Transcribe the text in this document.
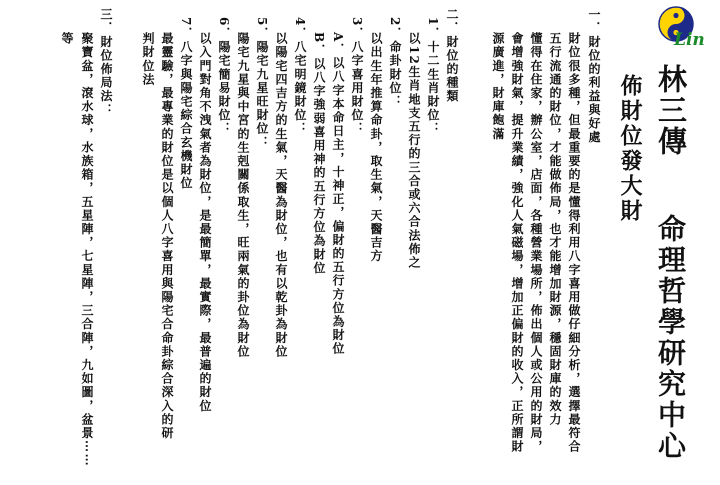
Lin
林三傳
命理哲學研究中心
佈財位發大財
一．財位的利益與好處
財位很多種，但最重要的是懂得利用八字喜用做仔細分析，選擇最符合
五行流通的財位，才能做佈局，也才能增加財源，穩固財庫的效力
懂得在住家，辦公室，店面，各種營業場所，佈出個人或公用的財局，
會增強財氣，提升業績，強化人氣磁場，增加正偏財的收入，正所謂財
源廣進，財庫飽滿
二．財位的種類
1．十二生肖財位：
以12生肖地支五行的三合或六合法佈之
2．命卦財位：
以出生年推算命卦，取生氣，天醫吉方
3．八字喜用財位：
A．以八字本命日主，十神正，偏財的五行方位為財位
B．以八字強弱喜用神的五行方位為財位
4．八宅明鏡財位：
以陽宅四吉方的生氣，天醫為財位，也有以乾卦為財位
5．陽宅九星旺財位：
陽宅九星與中宮的生剋關係取生，旺兩氣的卦位為財位
6．陽宅簡易財位：
以入門對角不洩氣者為財位，是最簡單，最實際，最普遍的財位
7．八字與陽宅綜合玄機財位
最靈驗，最專業的財位是以個人八字喜用與陽宅合命卦綜合深入的研
判財位法
三．財位佈局法：
聚寶盆，滾水球，水族箱，五星陣，七星陣，三合陣，九如圖，盆景⋯⋯
等
